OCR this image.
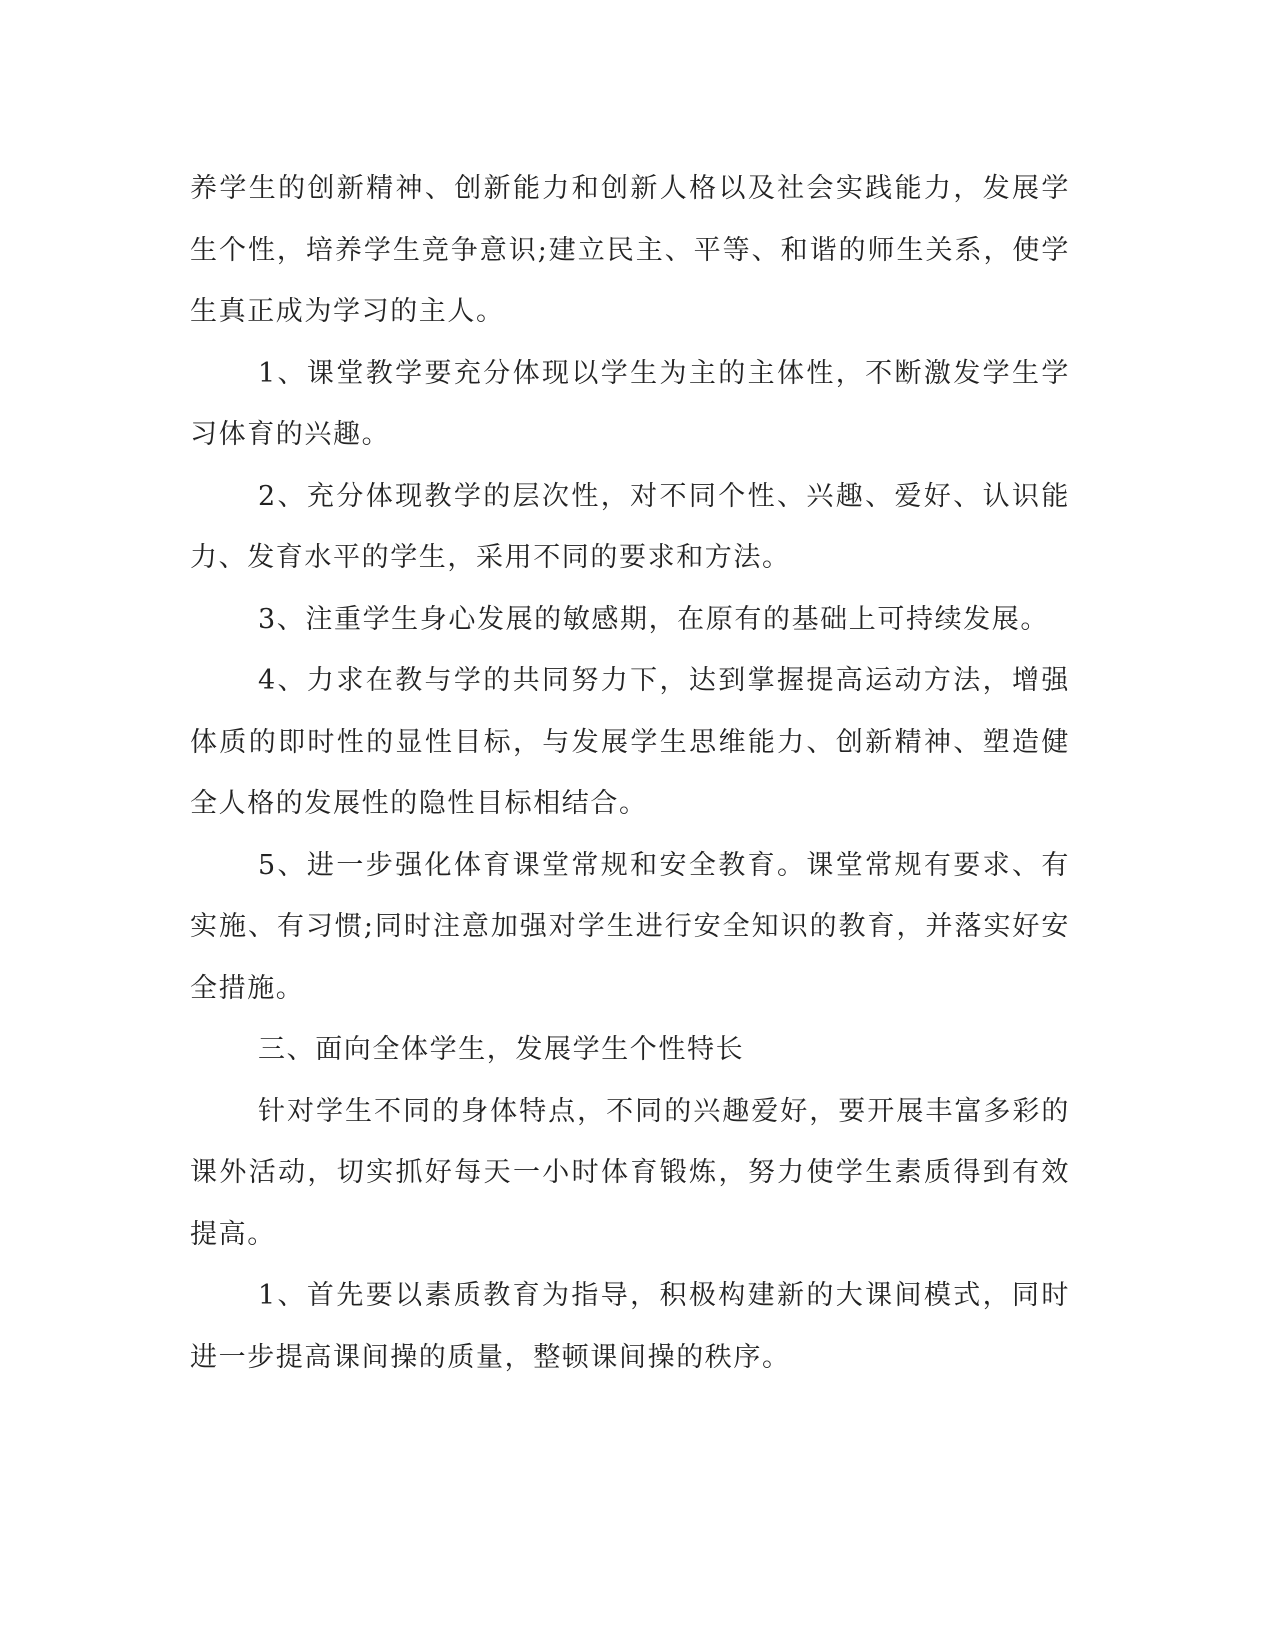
养学生的创新精神、创新能力和创新人格以及社会实践能力，发展学生个性，培养学生竞争意识;建立民主、平等、和谐的师生关系，使学生真正成为学习的主人。

1、课堂教学要充分体现以学生为主的主体性，不断激发学生学习体育的兴趣。

2、充分体现教学的层次性，对不同个性、兴趣、爱好、认识能力、发育水平的学生，采用不同的要求和方法。

3、注重学生身心发展的敏感期，在原有的基础上可持续发展。

4、力求在教与学的共同努力下，达到掌握提高运动方法，增强体质的即时性的显性目标，与发展学生思维能力、创新精神、塑造健全人格的发展性的隐性目标相结合。

5、进一步强化体育课堂常规和安全教育。课堂常规有要求、有实施、有习惯;同时注意加强对学生进行安全知识的教育，并落实好安全措施。

三、面向全体学生，发展学生个性特长

针对学生不同的身体特点，不同的兴趣爱好，要开展丰富多彩的课外活动，切实抓好每天一小时体育锻炼，努力使学生素质得到有效提高。

1、首先要以素质教育为指导，积极构建新的大课间模式，同时进一步提高课间操的质量，整顿课间操的秩序。
